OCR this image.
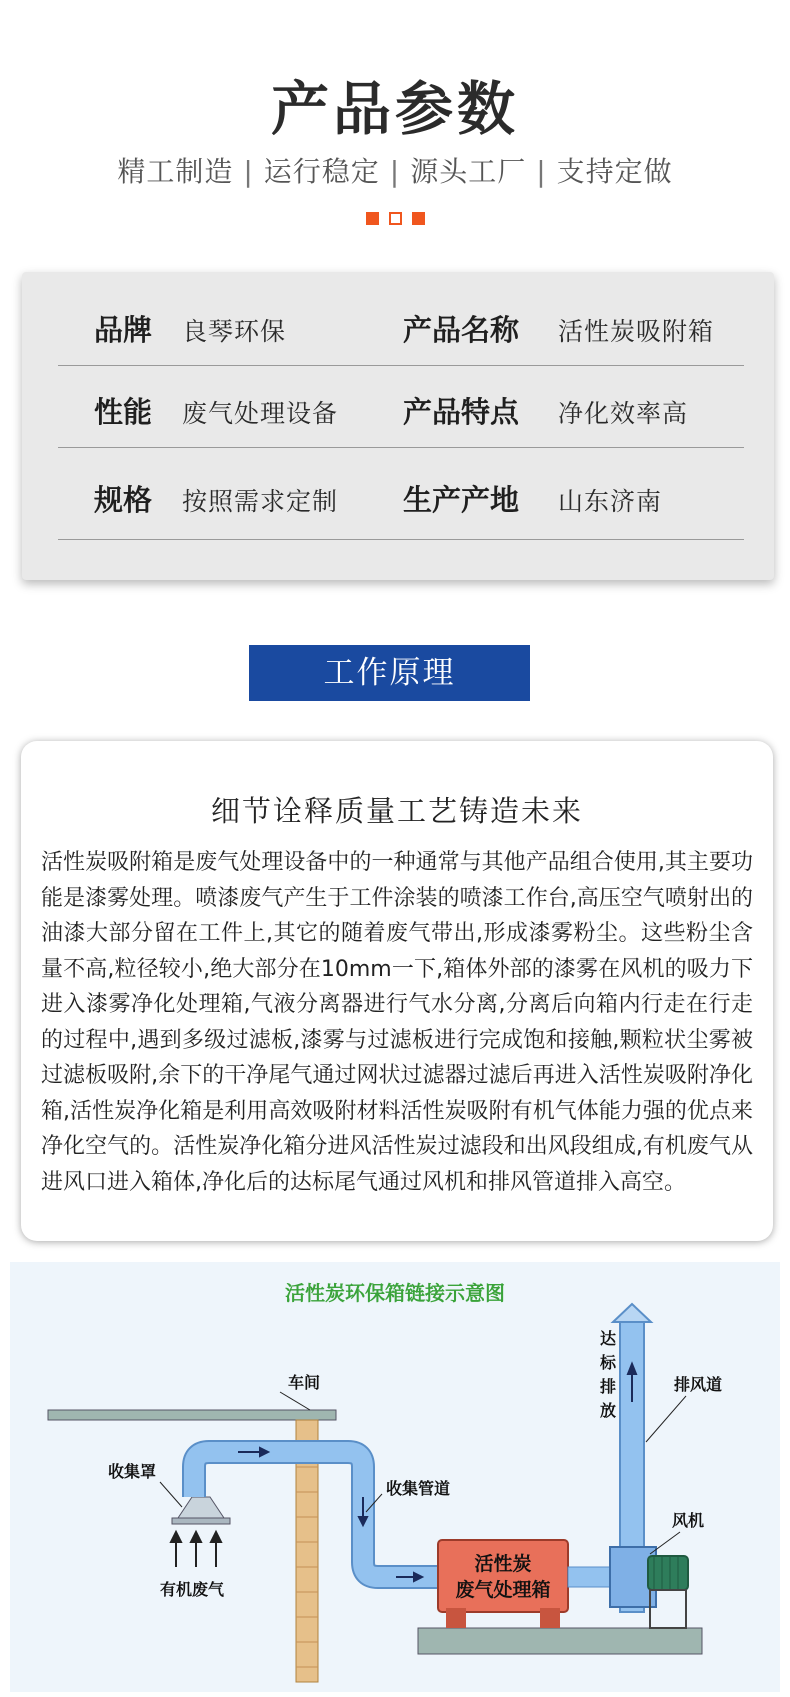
产品参数
精工制造 | 运行稳定 | 源头工厂 | 支持定做
品牌 良琴环保	产品名称 活性炭吸附箱
性能 废气处理设备 产品特点 净化效率高
规格 按照需求定制 生产产地 山东济南
工作原理
细节诠释质量工艺铸造未来
活性炭吸附箱是废气处理设备中的一种通常与其他产品组合使用,其主要功能是漆雾处理。喷漆废气产生于工件涂装的喷漆工作台,高压空气喷射出的油漆大部分留在工件上,其它的随着废气带出,形成漆雾粉尘。这些粉尘含量不高,粒径较小,绝大部分在10mm一下,箱体外部的漆雾在风机的吸力下进入漆雾净化处理箱,气液分离器进行气水分离,分离后向箱内行走在行走的过程中,遇到多级过滤板,漆雾与过滤板进行完成饱和接触,颗粒状尘雾被过滤板吸附,余下的干净尾气通过网状过滤器过滤后再进入活性炭吸附净化箱,活性炭净化箱是利用高效吸附材料活性炭吸附有机气体能力强的优点来净化空气的。活性炭净化箱分进风活性炭过滤段和出风段组成,有机废气从进风口进入箱体,净化后的达标尾气通过风机和排风管道排入高空。
活性炭环保箱链接示意图
车间
收集罩
有机废气
收集管道
活性炭
废气处理箱
达
标
排
放
排风道
风机
